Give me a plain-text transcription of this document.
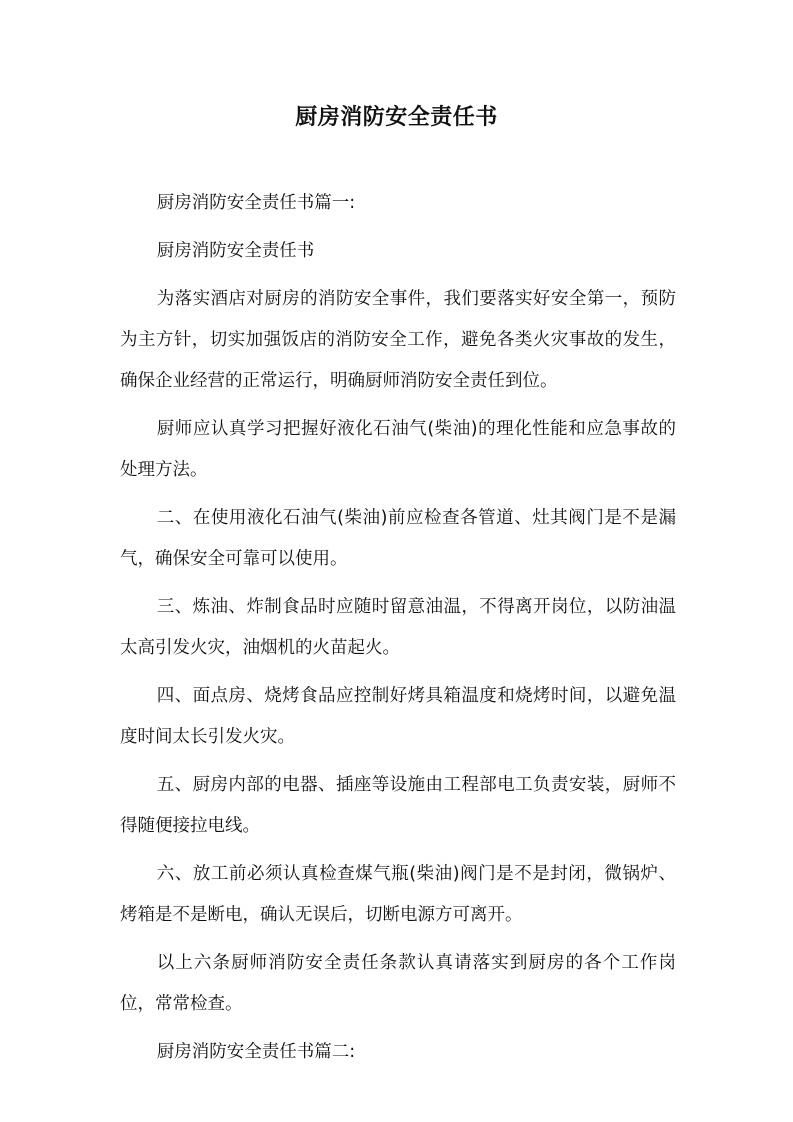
厨房消防安全责任书

厨房消防安全责任书篇一:

厨房消防安全责任书

为落实酒店对厨房的消防安全事件，我们要落实好安全第一，预防为主方针，切实加强饭店的消防安全工作，避免各类火灾事故的发生，确保企业经营的正常运行，明确厨师消防安全责任到位。

厨师应认真学习把握好液化石油气(柴油)的理化性能和应急事故的处理方法。

二、在使用液化石油气(柴油)前应检查各管道、灶其阀门是不是漏气，确保安全可靠可以使用。

三、炼油、炸制食品时应随时留意油温，不得离开岗位，以防油温太高引发火灾，油烟机的火苗起火。

四、面点房、烧烤食品应控制好烤具箱温度和烧烤时间，以避免温度时间太长引发火灾。

五、厨房内部的电器、插座等设施由工程部电工负责安装，厨师不得随便接拉电线。

六、放工前必须认真检查煤气瓶(柴油)阀门是不是封闭，微锅炉、烤箱是不是断电，确认无误后，切断电源方可离开。

以上六条厨师消防安全责任条款认真请落实到厨房的各个工作岗位，常常检查。

厨房消防安全责任书篇二:
